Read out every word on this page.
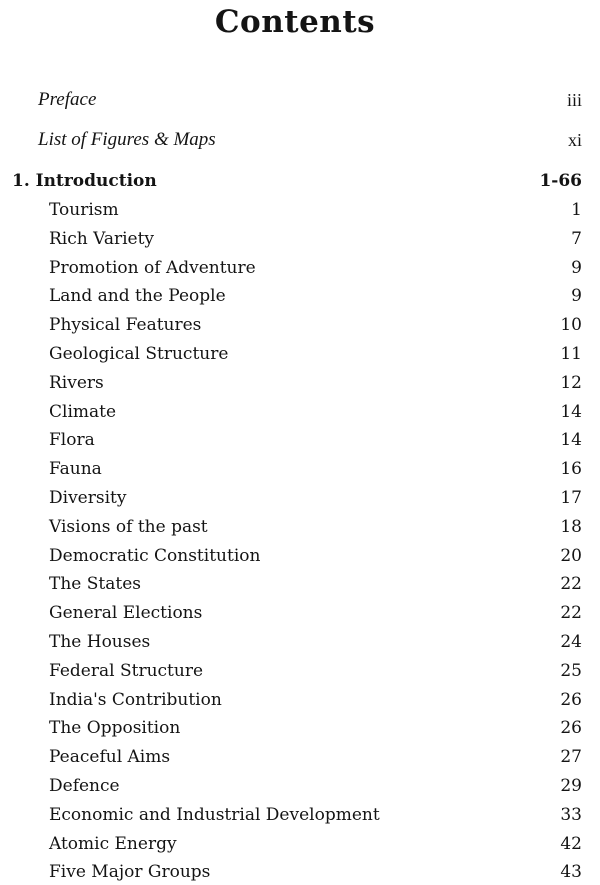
Contents
Preface	iii
List of Figures & Maps	xi
1. Introduction	1-66
Tourism	1
Rich Variety	7
Promotion of Adventure	9
Land and the People	9
Physical Features	10
Geological Structure	11
Rivers	12
Climate	14
Flora	14
Fauna	16
Diversity	17
Visions of the past	18
Democratic Constitution	20
The States	22
General Elections	22
The Houses	24
Federal Structure	25
India's Contribution	26
The Opposition	26
Peaceful Aims	27
Defence	29
Economic and Industrial Development	33
Atomic Energy	42
Five Major Groups	43
